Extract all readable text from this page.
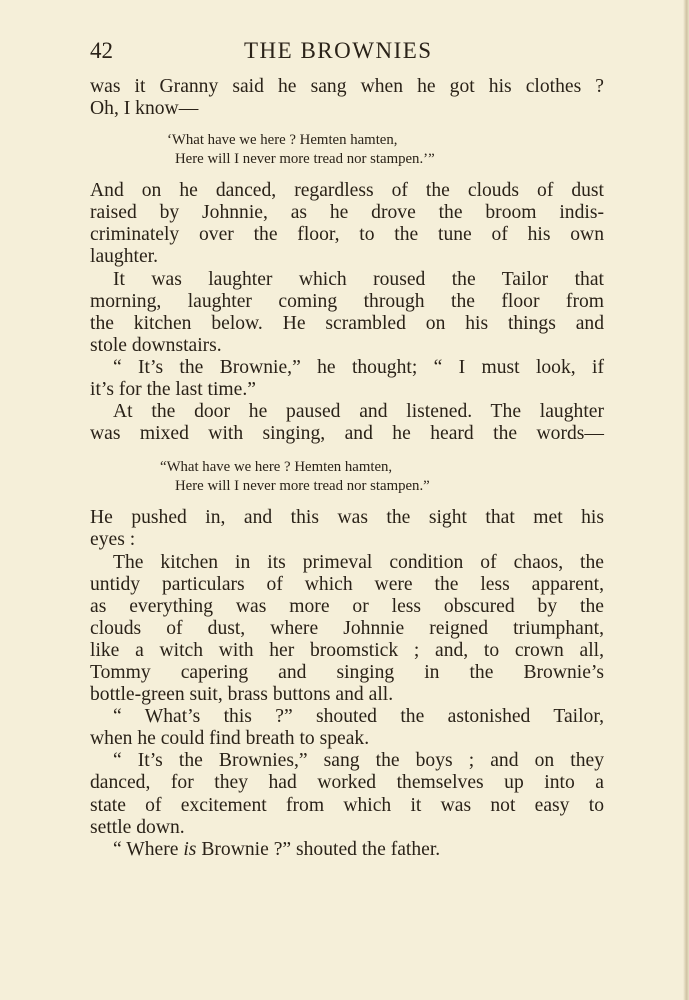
42	THE BROWNIES
was it Granny said he sang when he got his clothes ?
Oh, I know—
‘What have we here ? Hemten hamten,
Here will I never more tread nor stampen.’”
And on he danced, regardless of the clouds of dust
raised by Johnnie, as he drove the broom indis-
criminately over the floor, to the tune of his own
laughter.
It was laughter which roused the Tailor that
morning, laughter coming through the floor from
the kitchen below. He scrambled on his things and
stole downstairs.
“ It’s the Brownie,” he thought; “ I must look, if
it’s for the last time.”
At the door he paused and listened. The laughter
was mixed with singing, and he heard the words—
“What have we here ? Hemten hamten,
Here will I never more tread nor stampen.”
He pushed in, and this was the sight that met his
eyes :
The kitchen in its primeval condition of chaos, the
untidy particulars of which were the less apparent,
as everything was more or less obscured by the
clouds of dust, where Johnnie reigned triumphant,
like a witch with her broomstick ; and, to crown all,
Tommy capering and singing in the Brownie’s
bottle-green suit, brass buttons and all.
“ What’s this ?” shouted the astonished Tailor,
when he could find breath to speak.
“ It’s the Brownies,” sang the boys ; and on they
danced, for they had worked themselves up into a
state of excitement from which it was not easy to
settle down.
“ Where is Brownie ?” shouted the father.
